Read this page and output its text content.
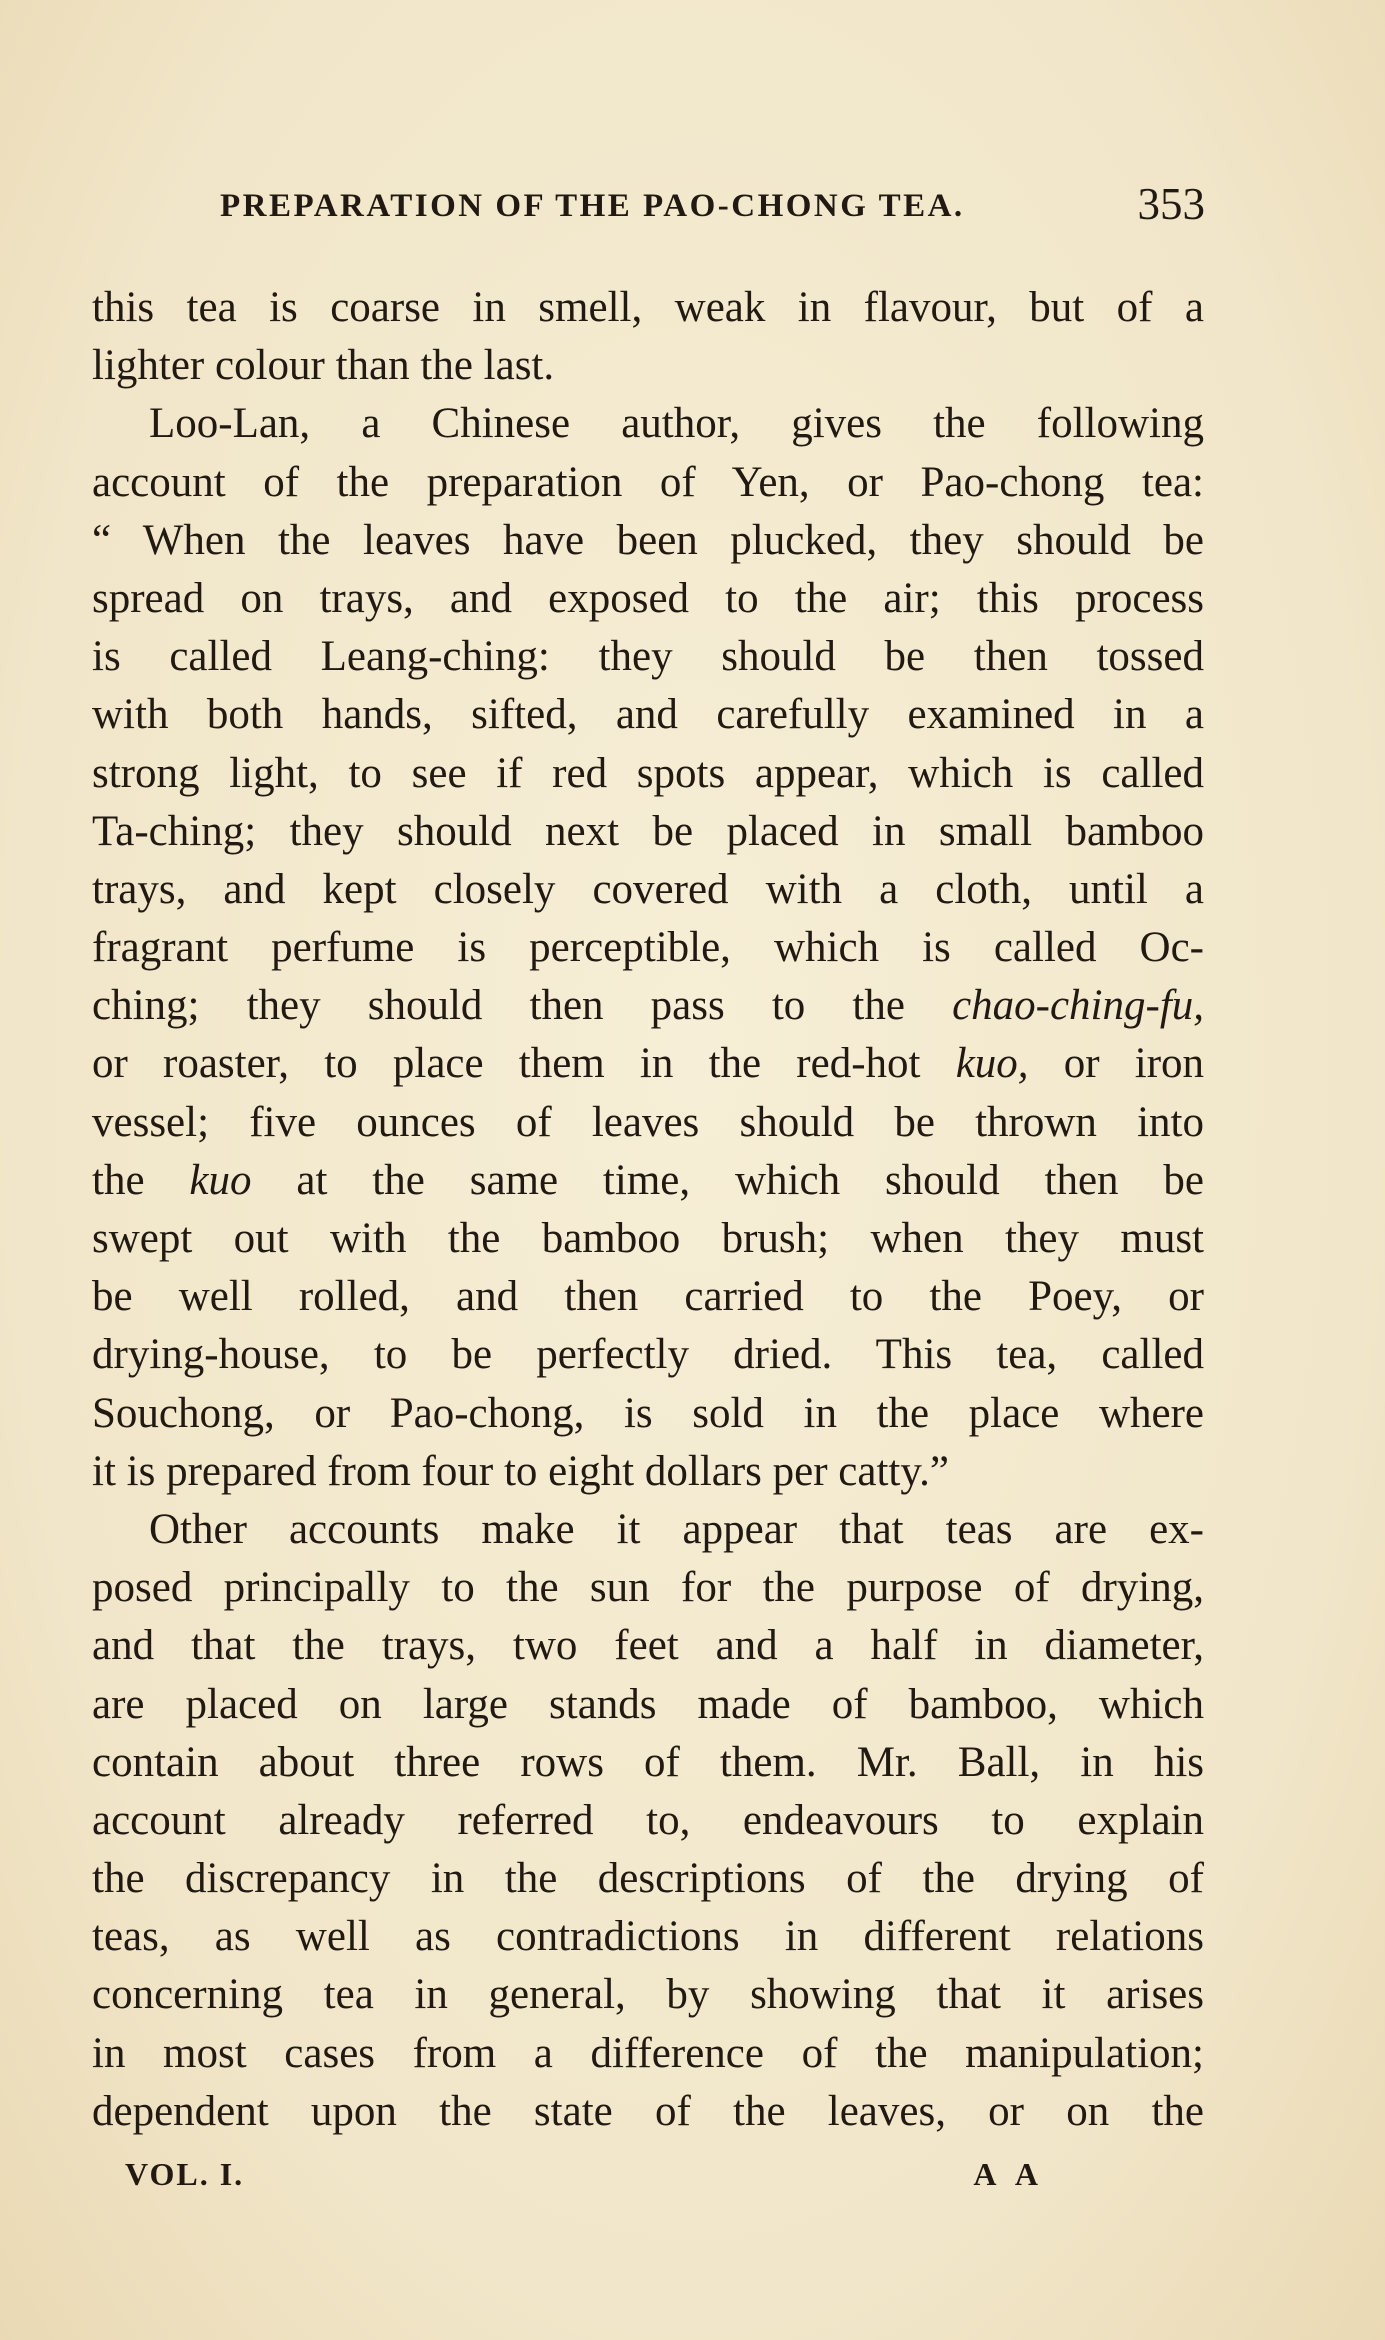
PREPARATION OF THE PAO-CHONG TEA.	353
this tea is coarse in smell, weak in flavour, but of a
lighter colour than the last.
Loo-Lan, a Chinese author, gives the following
account of the preparation of Yen, or Pao-chong tea:
“ When the leaves have been plucked, they should be
spread on trays, and exposed to the air; this process
is called Leang-ching: they should be then tossed
with both hands, sifted, and carefully examined in a
strong light, to see if red spots appear, which is called
Ta-ching; they should next be placed in small bamboo
trays, and kept closely covered with a cloth, until a
fragrant perfume is perceptible, which is called Oc-
ching; they should then pass to the chao-ching-fu,
or roaster, to place them in the red-hot kuo, or iron
vessel; five ounces of leaves should be thrown into
the kuo at the same time, which should then be
swept out with the bamboo brush; when they must
be well rolled, and then carried to the Poey, or
drying-house, to be perfectly dried. This tea, called
Souchong, or Pao-chong, is sold in the place where
it is prepared from four to eight dollars per catty.”
Other accounts make it appear that teas are ex-
posed principally to the sun for the purpose of drying,
and that the trays, two feet and a half in diameter,
are placed on large stands made of bamboo, which
contain about three rows of them. Mr. Ball, in his
account already referred to, endeavours to explain
the discrepancy in the descriptions of the drying of
teas, as well as contradictions in different relations
concerning tea in general, by showing that it arises
in most cases from a difference of the manipulation;
dependent upon the state of the leaves, or on the
VOL. I.	A A
